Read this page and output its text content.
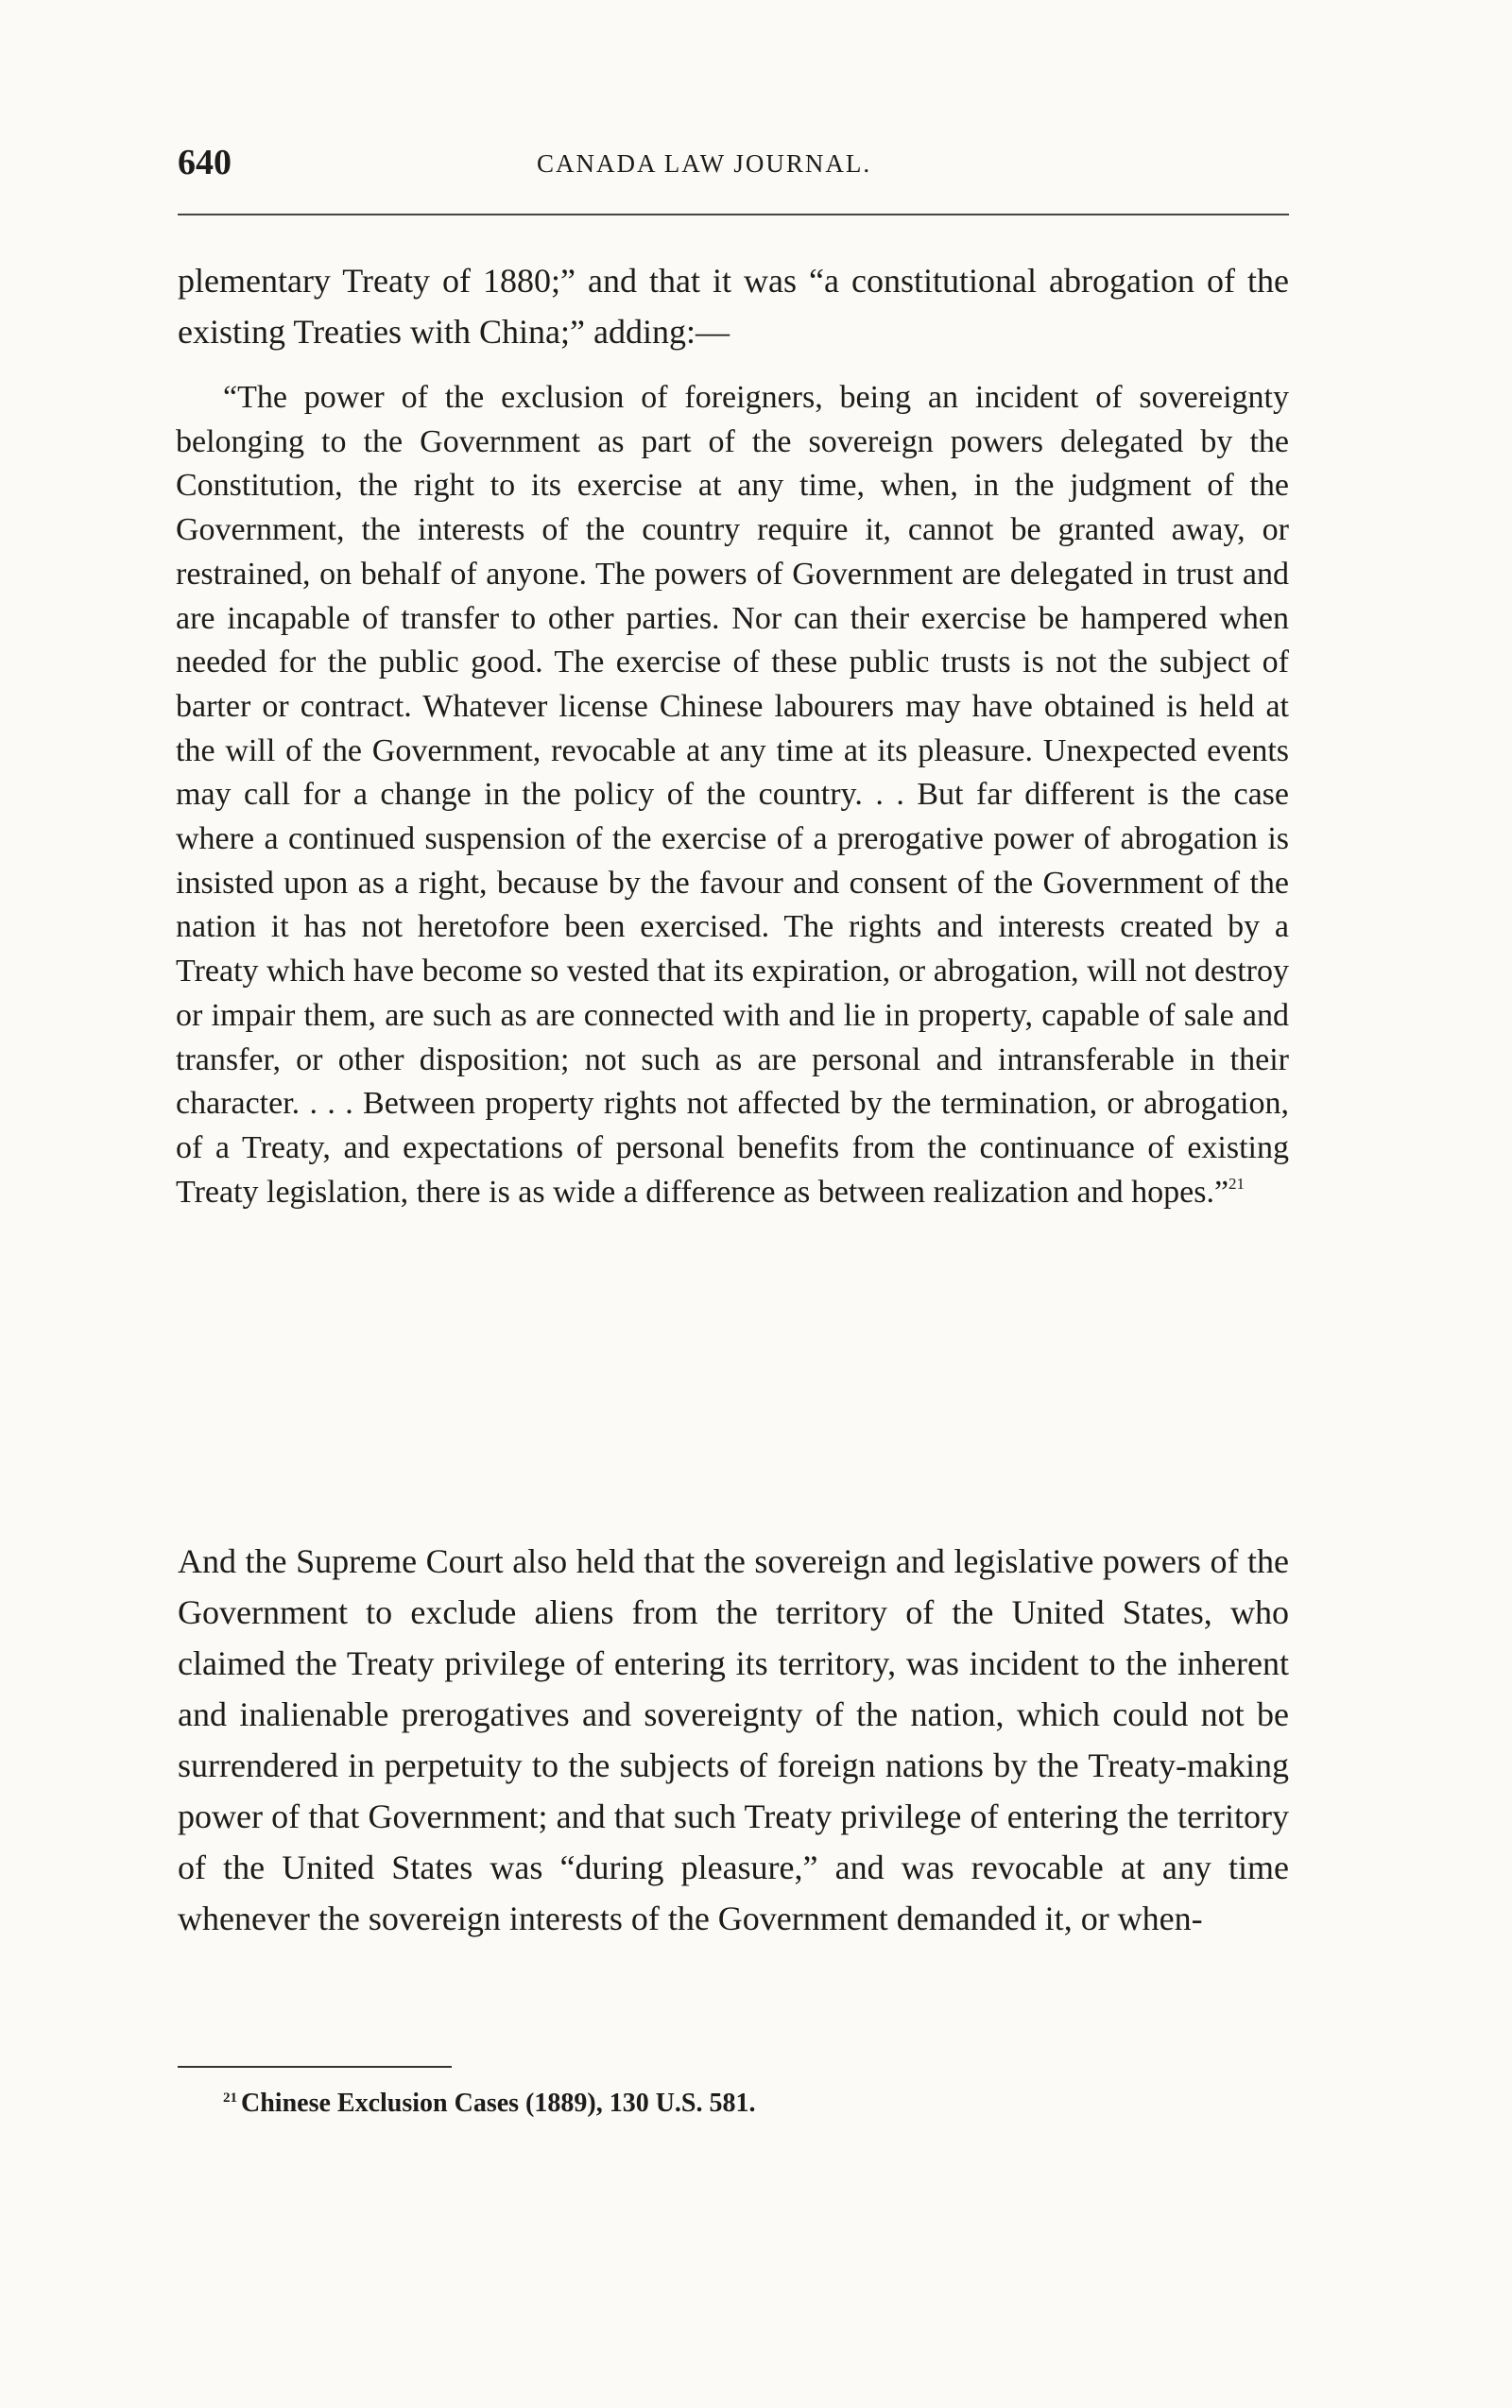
640	CANADA LAW JOURNAL.

plementary Treaty of 1880;” and that it was “a constitutional abrogation of the existing Treaties with China;” adding:—

“The power of the exclusion of foreigners, being an incident of sovereignty belonging to the Government as part of the sovereign powers delegated by the Constitution, the right to its exercise at any time, when, in the judgment of the Government, the interests of the country require it, cannot be granted away, or restrained, on behalf of anyone. The powers of Government are delegated in trust and are incapable of transfer to other parties. Nor can their exercise be hampered when needed for the public good. The exercise of these public trusts is not the subject of barter or contract. Whatever license Chinese labourers may have obtained is held at the will of the Government, revocable at any time at its pleasure. Unexpected events may call for a change in the policy of the country. . . But far different is the case where a continued suspension of the exercise of a prerogative power of abrogation is insisted upon as a right, because by the favour and consent of the Government of the nation it has not heretofore been exercised. The rights and interests created by a Treaty which have become so vested that its expiration, or abrogation, will not destroy or impair them, are such as are connected with and lie in property, capable of sale and transfer, or other disposition; not such as are personal and intransferable in their character. . . . Between property rights not affected by the termination, or abrogation, of a Treaty, and expectations of personal benefits from the continuance of existing Treaty legislation, there is as wide a difference as between realization and hopes.”$^{21}$

And the Supreme Court also held that the sovereign and legislative powers of the Government to exclude aliens from the territory of the United States, who claimed the Treaty privilege of entering its territory, was incident to the inherent and inalienable prerogatives and sovereignty of the nation, which could not be surrendered in perpetuity to the subjects of foreign nations by the Treaty-making power of that Government; and that such Treaty privilege of entering the territory of the United States was “during pleasure,” and was revocable at any time whenever the sovereign interests of the Government demanded it, or when-

$^{21}$ Chinese Exclusion Cases (1889), 130 U.S. 581.
